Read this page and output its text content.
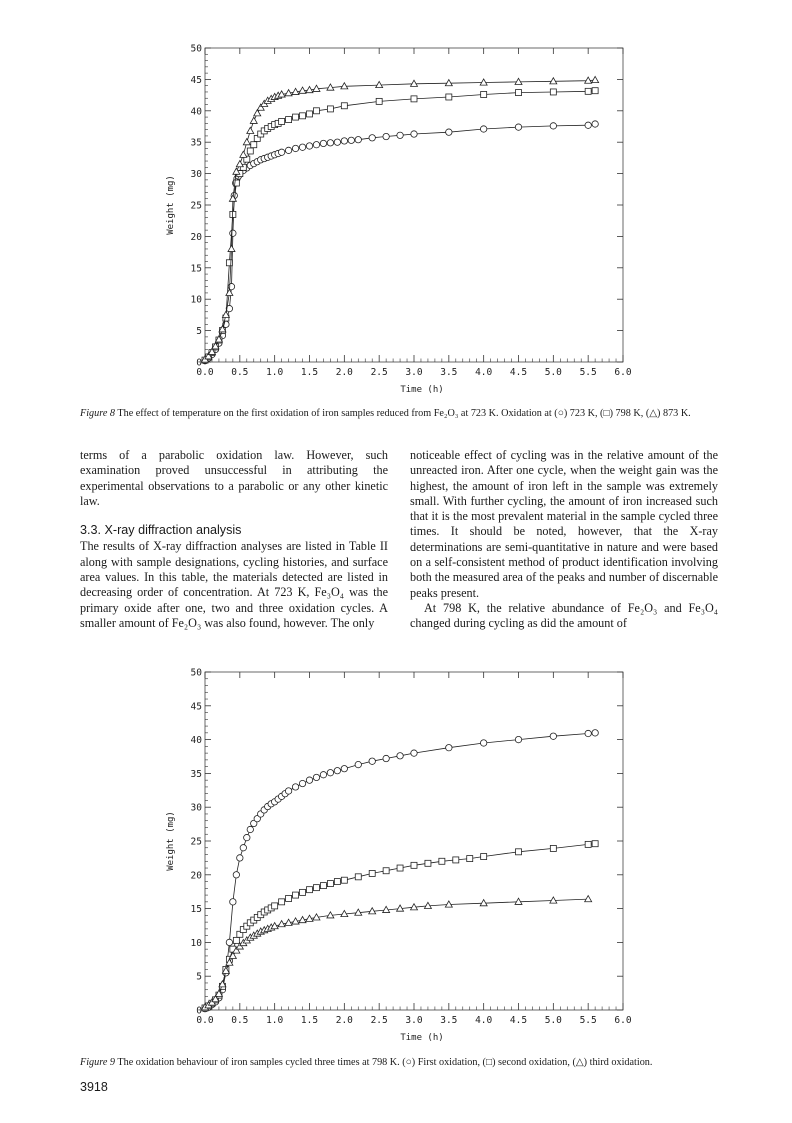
0
5
10
15
20
25
30
35
40
45
50
0.0 0.5 1.0 1.5 2.0 2.5 3.0 3.5 4.0 4.5 5.0 5.5 6.0
Time (h)
Weight (mg)
Figure 8 The effect of temperature on the first oxidation of iron samples reduced from Fe₂O₃ at 723 K. Oxidation at (○) 723 K, (□) 798 K, (△) 873 K.

terms of a parabolic oxidation law. However, such examination proved unsuccessful in attributing the experimental observations to a parabolic or any other kinetic law.

3.3. X-ray diffraction analysis

The results of X-ray diffraction analyses are listed in Table II along with sample designations, cycling histories, and surface area values. In this table, the materials detected are listed in decreasing order of concentration. At 723 K, Fe₃O₄ was the primary oxide after one, two and three oxidation cycles. A smaller amount of Fe₂O₃ was also found, however. The only

noticeable effect of cycling was in the relative amount of the unreacted iron. After one cycle, when the weight gain was the highest, the amount of iron left in the sample was extremely small. With further cycling, the amount of iron increased such that it is the most prevalent material in the sample cycled three times. It should be noted, however, that the X-ray determinations are semi-quantitative in nature and were based on a self-consistent method of product identification involving both the measured area of the peaks and number of discernable peaks present.

At 798 K, the relative abundance of Fe₂O₃ and Fe₃O₄ changed during cycling as did the amount of

0
5
10
15
20
25
30
35
40
45
50
0.0 0.5 1.0 1.5 2.0 2.5 3.0 3.5 4.0 4.5 5.0 5.5 6.0
Time (h)
Weight (mg)
Figure 9 The oxidation behaviour of iron samples cycled three times at 798 K. (○) First oxidation, (□) second oxidation, (△) third oxidation.
3918
